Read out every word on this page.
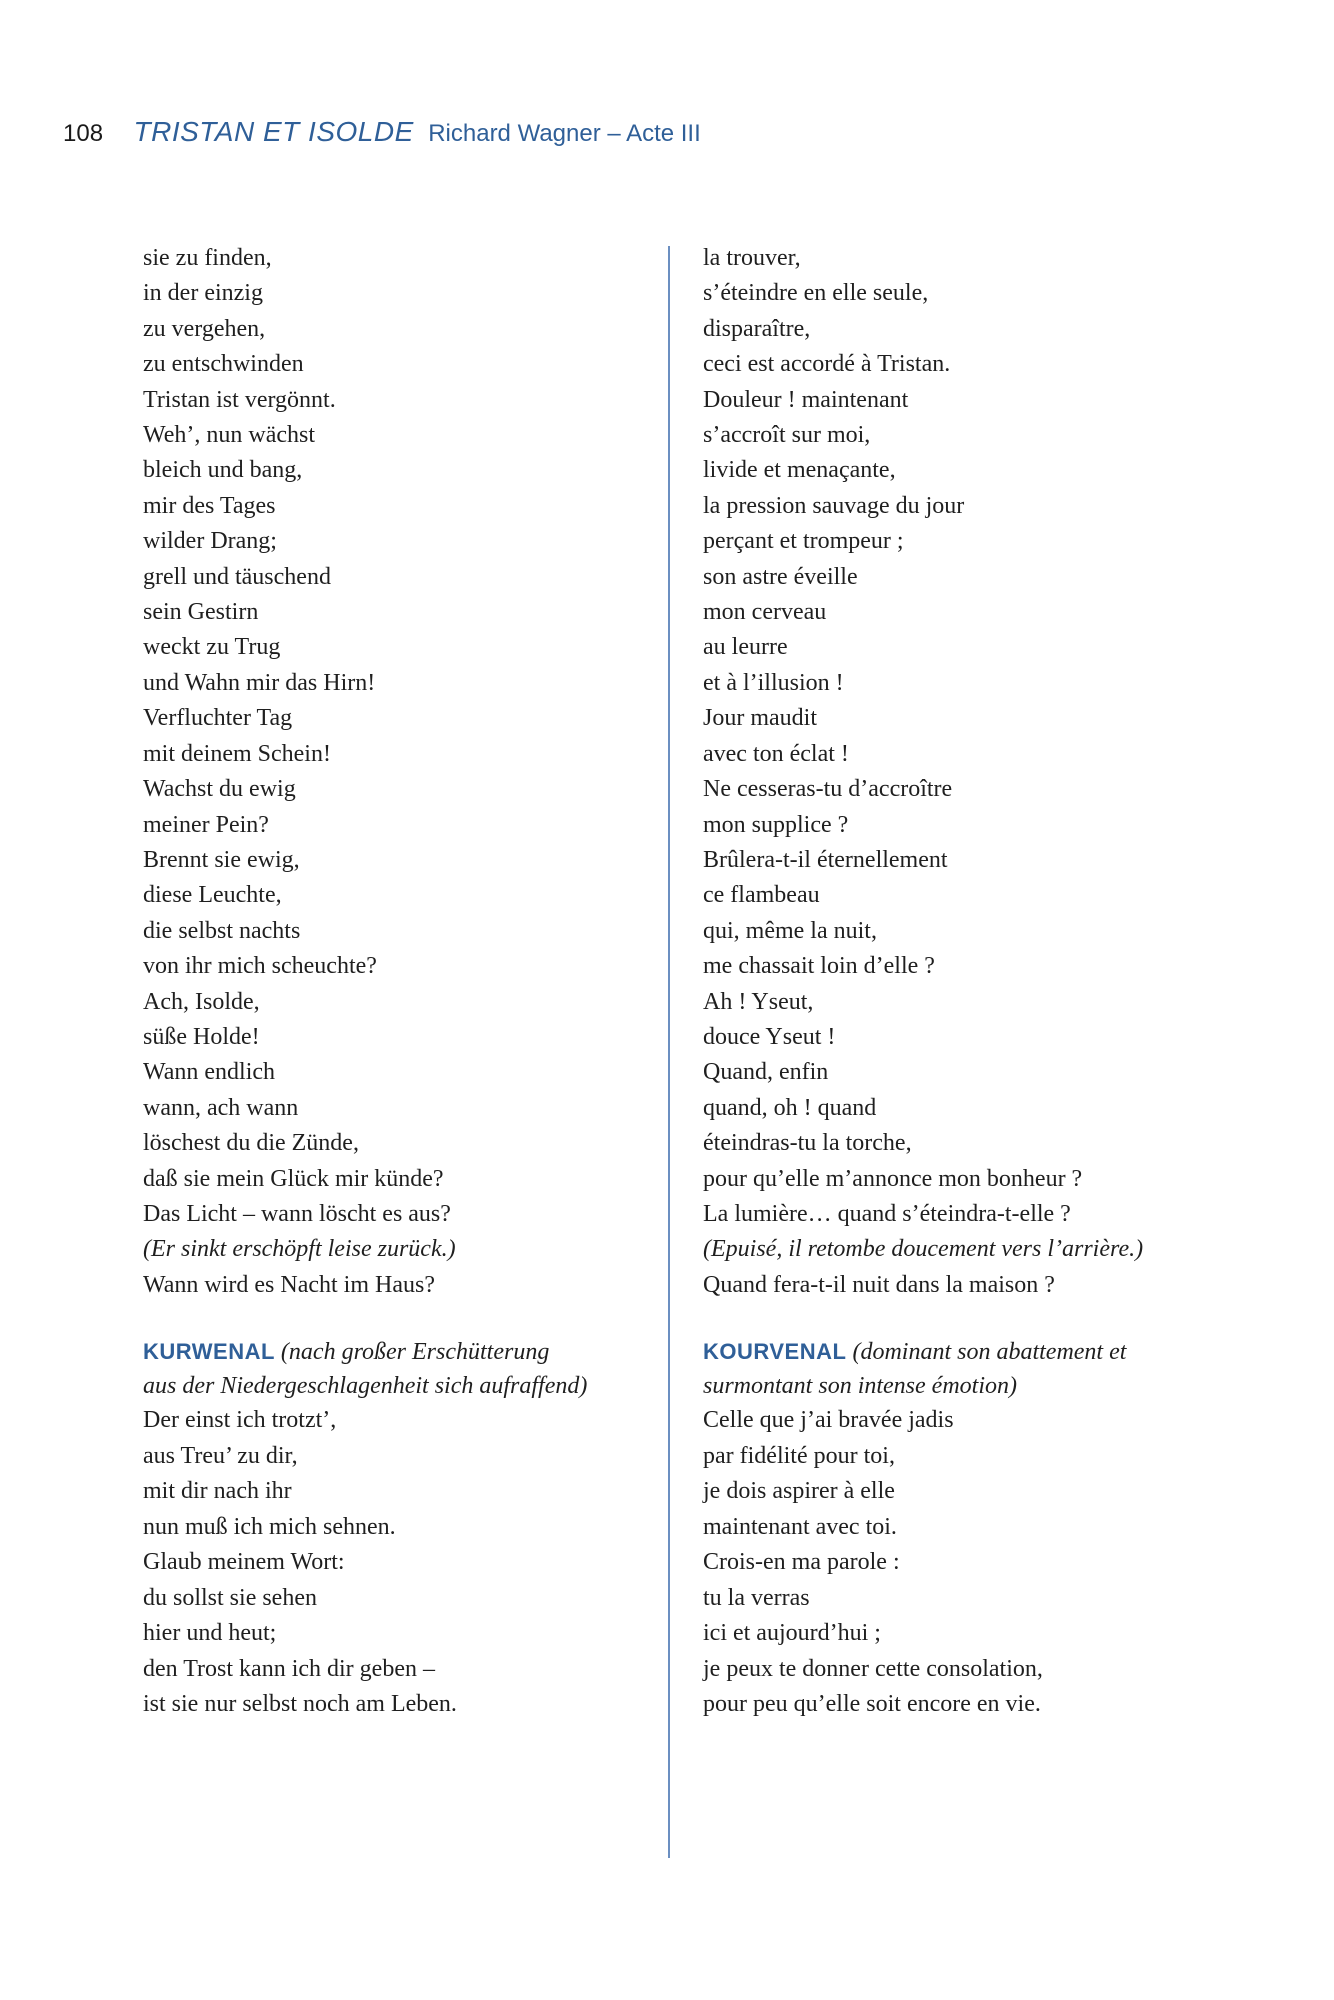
108 TRISTAN ET ISOLDE Richard Wagner – Acte III
sie zu finden,
in der einzig
zu vergehen,
zu entschwinden
Tristan ist vergönnt.
Weh’, nun wächst
bleich und bang,
mir des Tages
wilder Drang;
grell und täuschend
sein Gestirn
weckt zu Trug
und Wahn mir das Hirn!
Verfluchter Tag
mit deinem Schein!
Wachst du ewig
meiner Pein?
Brennt sie ewig,
diese Leuchte,
die selbst nachts
von ihr mich scheuchte?
Ach, Isolde,
süße Holde!
Wann endlich
wann, ach wann
löschest du die Zünde,
daß sie mein Glück mir künde?
Das Licht – wann löscht es aus?
(Er sinkt erschöpft leise zurück.)
Wann wird es Nacht im Haus?
la trouver,
s’éteindre en elle seule,
disparaître,
ceci est accordé à Tristan.
Douleur ! maintenant
s’accroît sur moi,
livide et menaçante,
la pression sauvage du jour
perçant et trompeur ;
son astre éveille
mon cerveau
au leurre
et à l’illusion !
Jour maudit
avec ton éclat !
Ne cesseras-tu d’accroître
mon supplice ?
Brûlera-t-il éternellement
ce flambeau
qui, même la nuit,
me chassait loin d’elle ?
Ah ! Yseut,
douce Yseut !
Quand, enfin
quand, oh ! quand
éteindras-tu la torche,
pour qu’elle m’annonce mon bonheur ?
La lumière… quand s’éteindra-t-elle ?
(Epuisé, il retombe doucement vers l’arrière.)
Quand fera-t-il nuit dans la maison ?
KURWENAL (nach großer Erschütterung
aus der Niedergeschlagenheit sich aufraffend)
Der einst ich trotzt’,
aus Treu’ zu dir,
mit dir nach ihr
nun muß ich mich sehnen.
Glaub meinem Wort:
du sollst sie sehen
hier und heut;
den Trost kann ich dir geben –
ist sie nur selbst noch am Leben.
KOURVENAL (dominant son abattement et
surmontant son intense émotion)
Celle que j’ai bravée jadis
par fidélité pour toi,
je dois aspirer à elle
maintenant avec toi.
Crois-en ma parole :
tu la verras
ici et aujourd’hui ;
je peux te donner cette consolation,
pour peu qu’elle soit encore en vie.
